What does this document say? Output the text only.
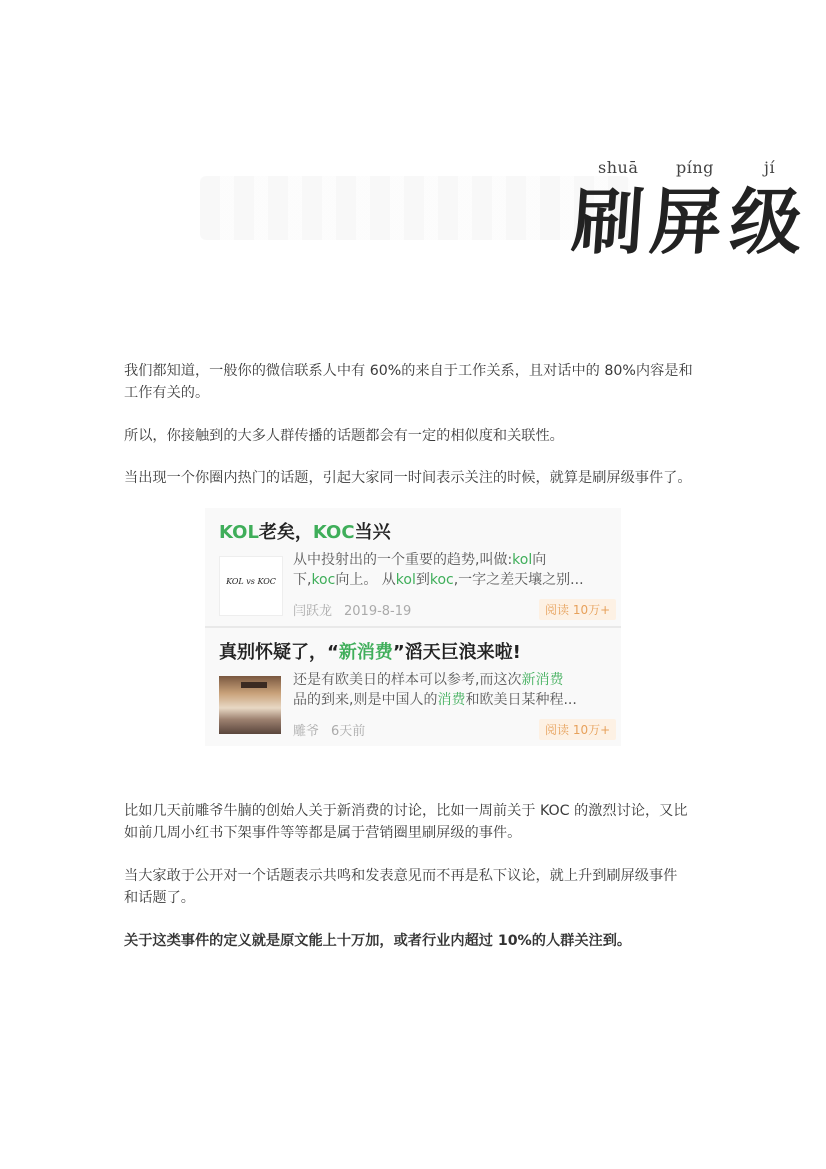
shuā píng	jí
刷 屏 级
我们都知道，一般你的微信联系人中有 60%的来自于工作关系，且对话中的 80%内容是和
工作有关的。
所以，你接触到的大多人群传播的话题都会有一定的相似度和关联性。
当出现一个你圈内热门的话题，引起大家同一时间表示关注的时候，就算是刷屏级事件了。
KOL老矣，KOC当兴
KOL vs KOC
从中投射出的一个重要的趋势,叫做:kol向
下,koc向上。 从kol到koc,一字之差天壤之别...
闫跃龙 2019-8-19	阅读 10万+
真别怀疑了，“新消费”滔天巨浪来啦!
还是有欧美日的样本可以参考,而这次新消费
品的到来,则是中国人的消费和欧美日某种程...
雕爷 6天前	阅读 10万+
比如几天前雕爷牛腩的创始人关于新消费的讨论，比如一周前关于 KOC 的激烈讨论，又比
如前几周小红书下架事件等等都是属于营销圈里刷屏级的事件。
当大家敢于公开对一个话题表示共鸣和发表意见而不再是私下议论，就上升到刷屏级事件
和话题了。
关于这类事件的定义就是原文能上十万加，或者行业内超过 10%的人群关注到。
